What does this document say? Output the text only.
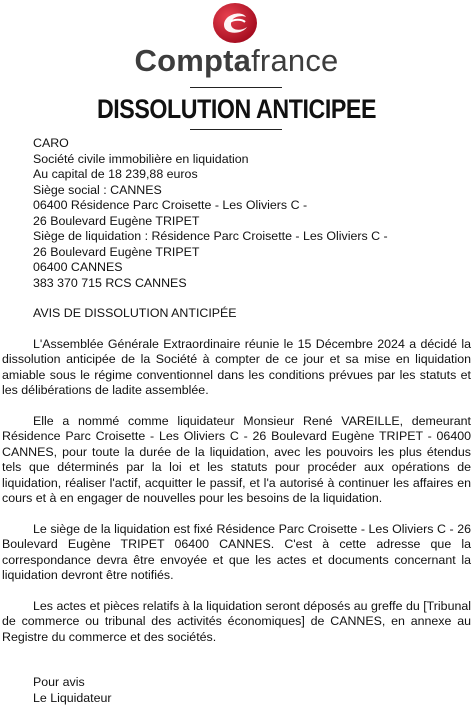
Comptafrance
DISSOLUTION ANTICIPEE
CARO
Société civile immobilière en liquidation
Au capital de 18 239,88 euros
Siège social : CANNES
06400 Résidence Parc Croisette - Les Oliviers C -
26 Boulevard Eugène TRIPET
Siège de liquidation : Résidence Parc Croisette - Les Oliviers C -
26 Boulevard Eugène TRIPET
06400 CANNES
383 370 715 RCS CANNES

AVIS DE DISSOLUTION ANTICIPÉE

L'Assemblée Générale Extraordinaire réunie le 15 Décembre 2024 a décidé la dissolution anticipée de la Société à compter de ce jour et sa mise en liquidation amiable sous le régime conventionnel dans les conditions prévues par les statuts et les délibérations de ladite assemblée.

Elle a nommé comme liquidateur Monsieur René VAREILLE, demeurant Résidence Parc Croisette - Les Oliviers C - 26 Boulevard Eugène TRIPET - 06400 CANNES, pour toute la durée de la liquidation, avec les pouvoirs les plus étendus tels que déterminés par la loi et les statuts pour procéder aux opérations de liquidation, réaliser l'actif, acquitter le passif, et l'a autorisé à continuer les affaires en cours et à en engager de nouvelles pour les besoins de la liquidation.

Le siège de la liquidation est fixé Résidence Parc Croisette - Les Oliviers C - 26 Boulevard Eugène TRIPET 06400 CANNES. C'est à cette adresse que la correspondance devra être envoyée et que les actes et documents concernant la liquidation devront être notifiés.

Les actes et pièces relatifs à la liquidation seront déposés au greffe du [Tribunal de commerce ou tribunal des activités économiques] de CANNES, en annexe au Registre du commerce et des sociétés.

Pour avis
Le Liquidateur
